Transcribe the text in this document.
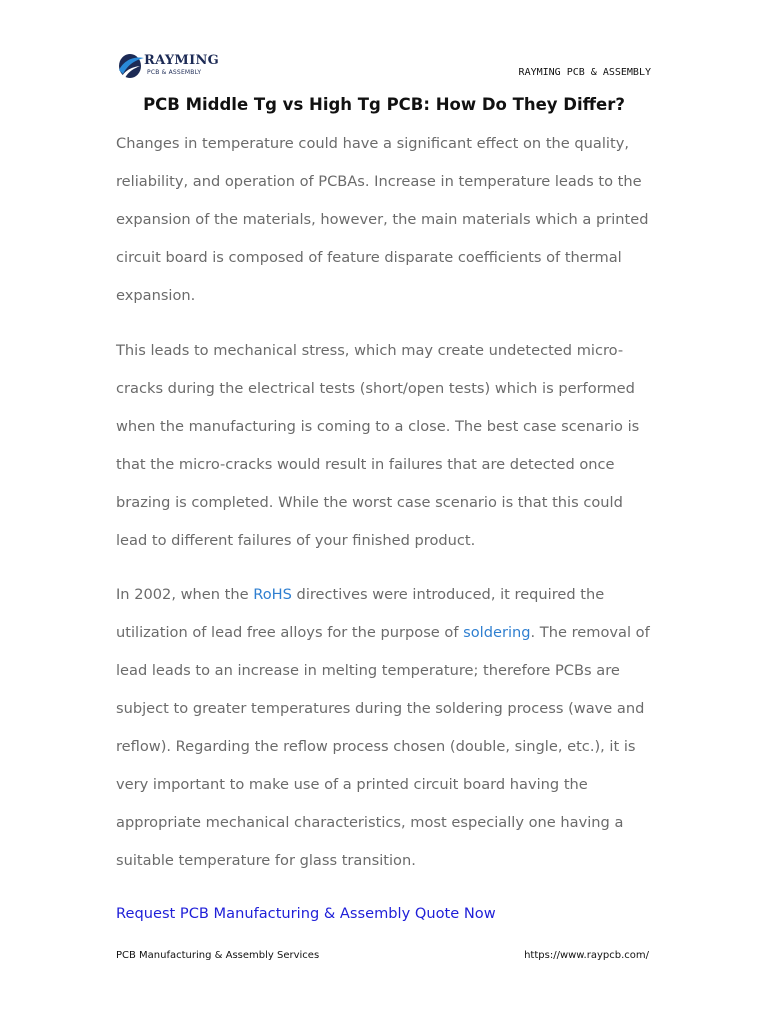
RAYMING
PCB & ASSEMBLY	RAYMING PCB & ASSEMBLY
PCB Middle Tg vs High Tg PCB: How Do They Differ?

Changes in temperature could have a significant effect on the quality, reliability, and operation of PCBAs. Increase in temperature leads to the expansion of the materials, however, the main materials which a printed circuit board is composed of feature disparate coefficients of thermal expansion.

This leads to mechanical stress, which may create undetected micro-cracks during the electrical tests (short/open tests) which is performed when the manufacturing is coming to a close. The best case scenario is that the micro-cracks would result in failures that are detected once brazing is completed. While the worst case scenario is that this could lead to different failures of your finished product.

In 2002, when the RoHS directives were introduced, it required the utilization of lead free alloys for the purpose of soldering. The removal of lead leads to an increase in melting temperature; therefore PCBs are subject to greater temperatures during the soldering process (wave and reflow). Regarding the reflow process chosen (double, single, etc.), it is very important to make use of a printed circuit board having the appropriate mechanical characteristics, most especially one having a suitable temperature for glass transition.

Request PCB Manufacturing & Assembly Quote Now
PCB Manufacturing & Assembly Services	https://www.raypcb.com/
